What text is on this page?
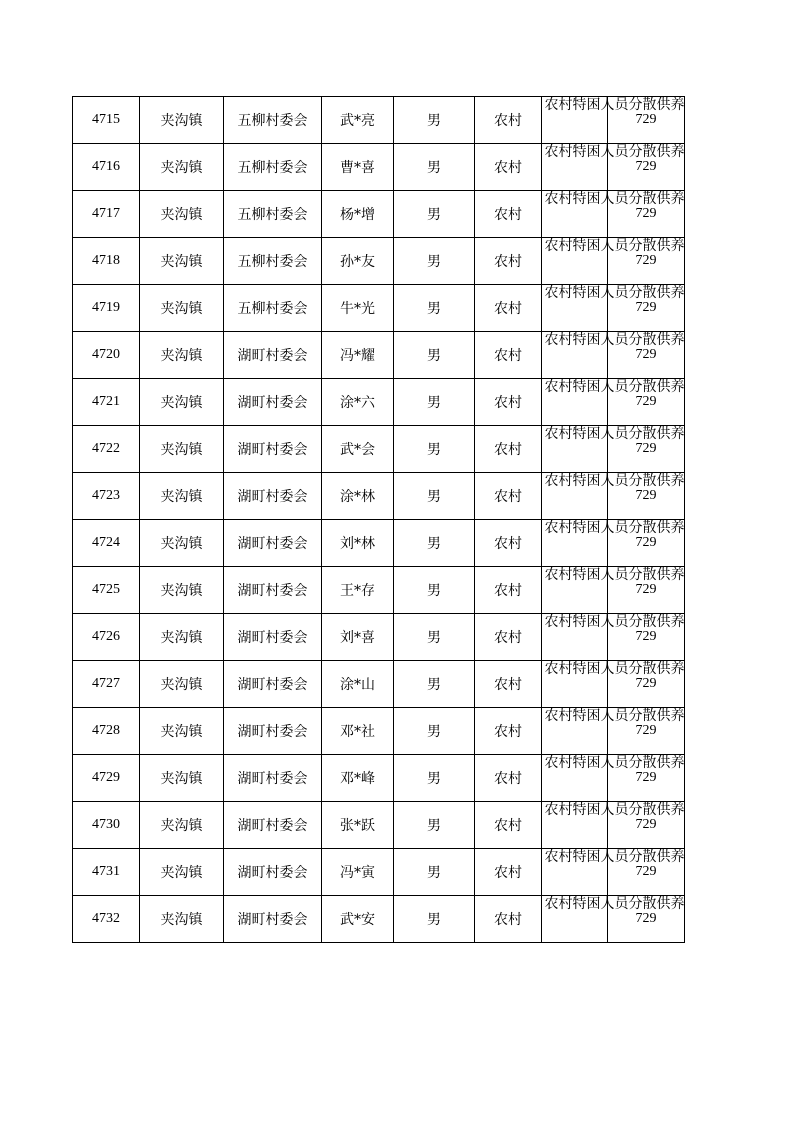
4715	夹沟镇	五柳村委会	武*亮	男	农村	农村特困人员分散供养	729
4716	夹沟镇	五柳村委会	曹*喜	男	农村	农村特困人员分散供养	729
4717	夹沟镇	五柳村委会	杨*增	男	农村	农村特困人员分散供养	729
4718	夹沟镇	五柳村委会	孙*友	男	农村	农村特困人员分散供养	729
4719	夹沟镇	五柳村委会	牛*光	男	农村	农村特困人员分散供养	729
4720	夹沟镇	湖町村委会	冯*耀	男	农村	农村特困人员分散供养	729
4721	夹沟镇	湖町村委会	涂*六	男	农村	农村特困人员分散供养	729
4722	夹沟镇	湖町村委会	武*会	男	农村	农村特困人员分散供养	729
4723	夹沟镇	湖町村委会	涂*林	男	农村	农村特困人员分散供养	729
4724	夹沟镇	湖町村委会	刘*林	男	农村	农村特困人员分散供养	729
4725	夹沟镇	湖町村委会	王*存	男	农村	农村特困人员分散供养	729
4726	夹沟镇	湖町村委会	刘*喜	男	农村	农村特困人员分散供养	729
4727	夹沟镇	湖町村委会	涂*山	男	农村	农村特困人员分散供养	729
4728	夹沟镇	湖町村委会	邓*社	男	农村	农村特困人员分散供养	729
4729	夹沟镇	湖町村委会	邓*峰	男	农村	农村特困人员分散供养	729
4730	夹沟镇	湖町村委会	张*跃	男	农村	农村特困人员分散供养	729
4731	夹沟镇	湖町村委会	冯*寅	男	农村	农村特困人员分散供养	729
4732	夹沟镇	湖町村委会	武*安	男	农村	农村特困人员分散供养	729
